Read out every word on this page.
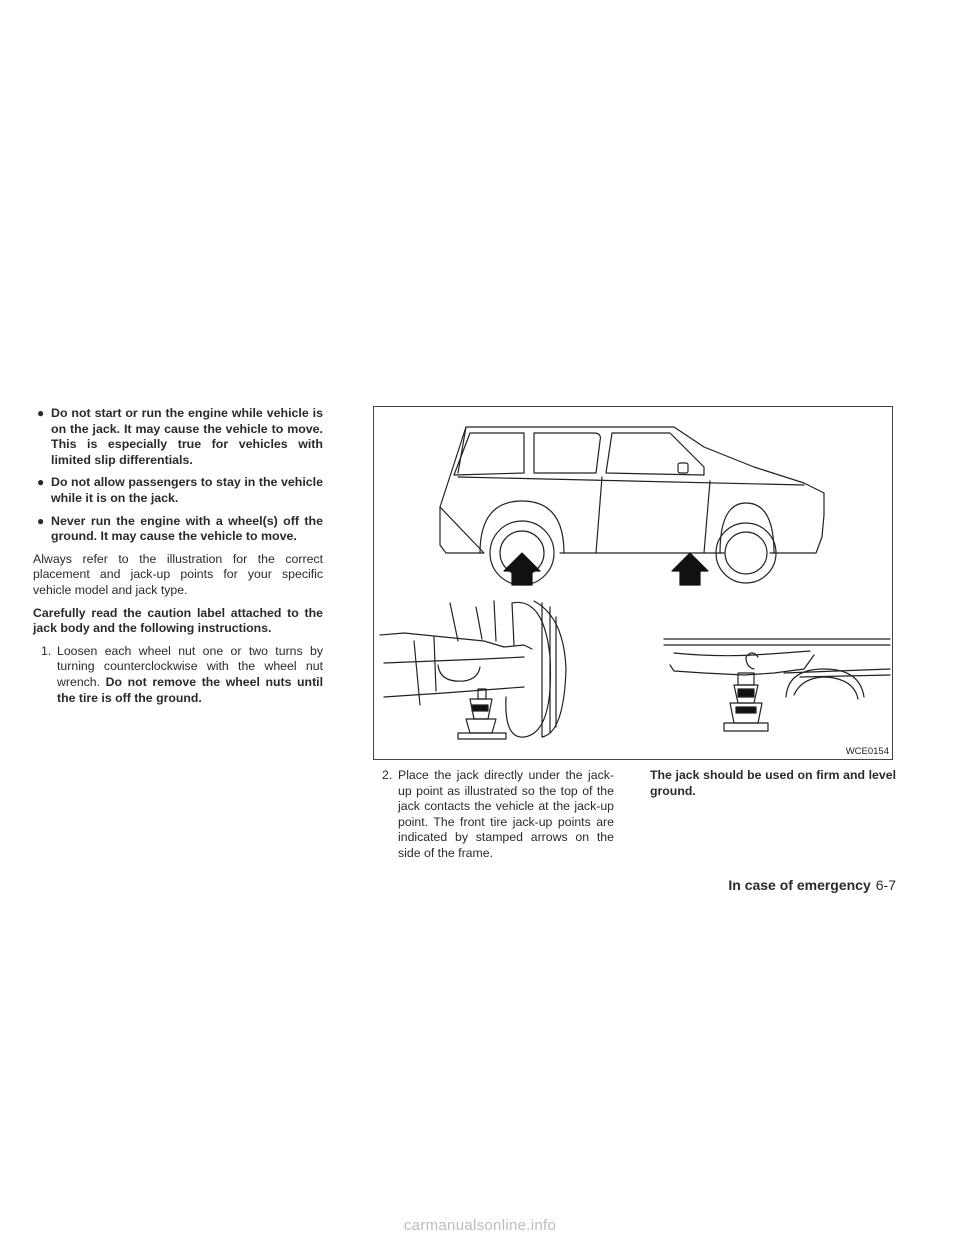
● Do not start or run the engine while vehicle is on the jack. It may cause the vehicle to move. This is especially true for vehicles with limited slip differentials.
● Do not allow passengers to stay in the vehicle while it is on the jack.
● Never run the engine with a wheel(s) off the ground. It may cause the vehicle to move.

Always refer to the illustration for the correct placement and jack-up points for your specific vehicle model and jack type.

Carefully read the caution label attached to the jack body and the following instructions.

1. Loosen each wheel nut one or two turns by turning counterclockwise with the wheel nut wrench. Do not remove the wheel nuts until the tire is off the ground.
WCE0154
2. Place the jack directly under the jack-up point as illustrated so the top of the jack contacts the vehicle at the jack-up point. The front tire jack-up points are indicated by stamped arrows on the side of the frame.

The jack should be used on firm and level ground.

In case of emergency 6-7
carmanualsonline.info
